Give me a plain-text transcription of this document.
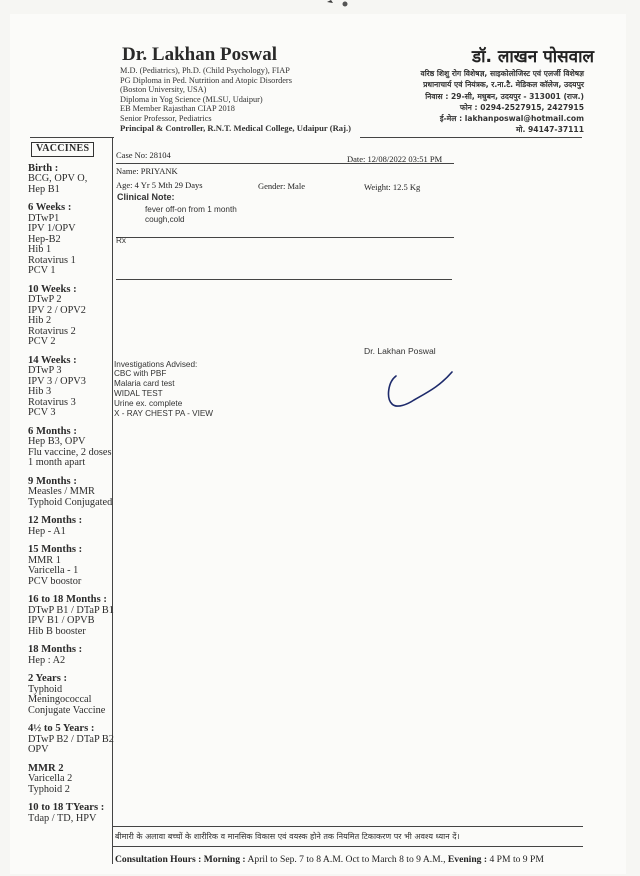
Dr. Lakhan Poswal
M.D. (Pediatrics), Ph.D. (Child Psychology), FIAP
PG Diploma in Ped. Nutrition and Atopic Disorders
(Boston University, USA)
Diploma in Yog Science (MLSU, Udaipur)
EB Member Rajasthan CIAP 2018
Senior Professor, Pediatrics
Principal & Controller, R.N.T. Medical College, Udaipur (Raj.)
डॉ. लाखन पोसवाल
वरिष्ठ शिशु रोग विशेषज्ञ, साइकोलोजिस्ट एवं एलर्जी विशेषज्ञ
प्रधानाचार्य एवं नियंत्रक, र.ना.टै. मेडिकल कॉलेज, उदयपुर
निवास : 29-सी, मधुबन, उदयपुर - 313001 (राज.)
फोन : 0294-2527915, 2427915
ई-मेल : lakhanposwal@hotmail.com
मो. 94147-37111
VACCINES
Birth :
BCG, OPV O,
Hep B1
6 Weeks :
DTwP1
IPV 1/OPV
Hep-B2
Hib 1
Rotavirus 1
PCV 1
10 Weeks :
DTwP 2
IPV 2 / OPV2
Hib 2
Rotavirus 2
PCV 2
14 Weeks :
DTwP 3
IPV 3 / OPV3
Hib 3
Rotavirus 3
PCV 3
6 Months :
Hep B3, OPV
Flu vaccine, 2 doses
1 month apart
9 Months :
Measles / MMR
Typhoid Conjugated
12 Months :
Hep - A1
15 Months :
MMR 1
Varicella - 1
PCV boostor
16 to 18 Months :
DTwP B1 / DTaP B1
IPV B1 / OPVB
Hib B booster
18 Months :
Hep : A2
2 Years :
Typhoid
Meningococcal
Conjugate Vaccine
4½ to 5 Years :
DTwP B2 / DTaP B2
OPV
MMR 2
Varicella 2
Typhoid 2
10 to 18 TYears :
Tdap / TD, HPV
Case No: 28104	Date: 12/08/2022 03:51 PM
Name: PRIYANK
Age: 4 Yr 5 Mth 29 Days	Gender: Male	Weight: 12.5 Kg
Clinical Note:
fever off-on from 1 month
cough,cold
Rx
Dr. Lakhan Poswal
Investigations Advised:
CBC with PBF
Malaria card test
WIDAL TEST
Urine ex. complete
X - RAY CHEST PA - VIEW
बीमारी के अलावा बच्चों के शारीरिक व मानसिक विकास एवं वयस्क होने तक नियमित टिकाकरण पर भी अवश्य ध्यान दें।
Consultation Hours : Morning : April to Sep. 7 to 8 A.M. Oct to March 8 to 9 A.M., Evening : 4 PM to 9 PM
